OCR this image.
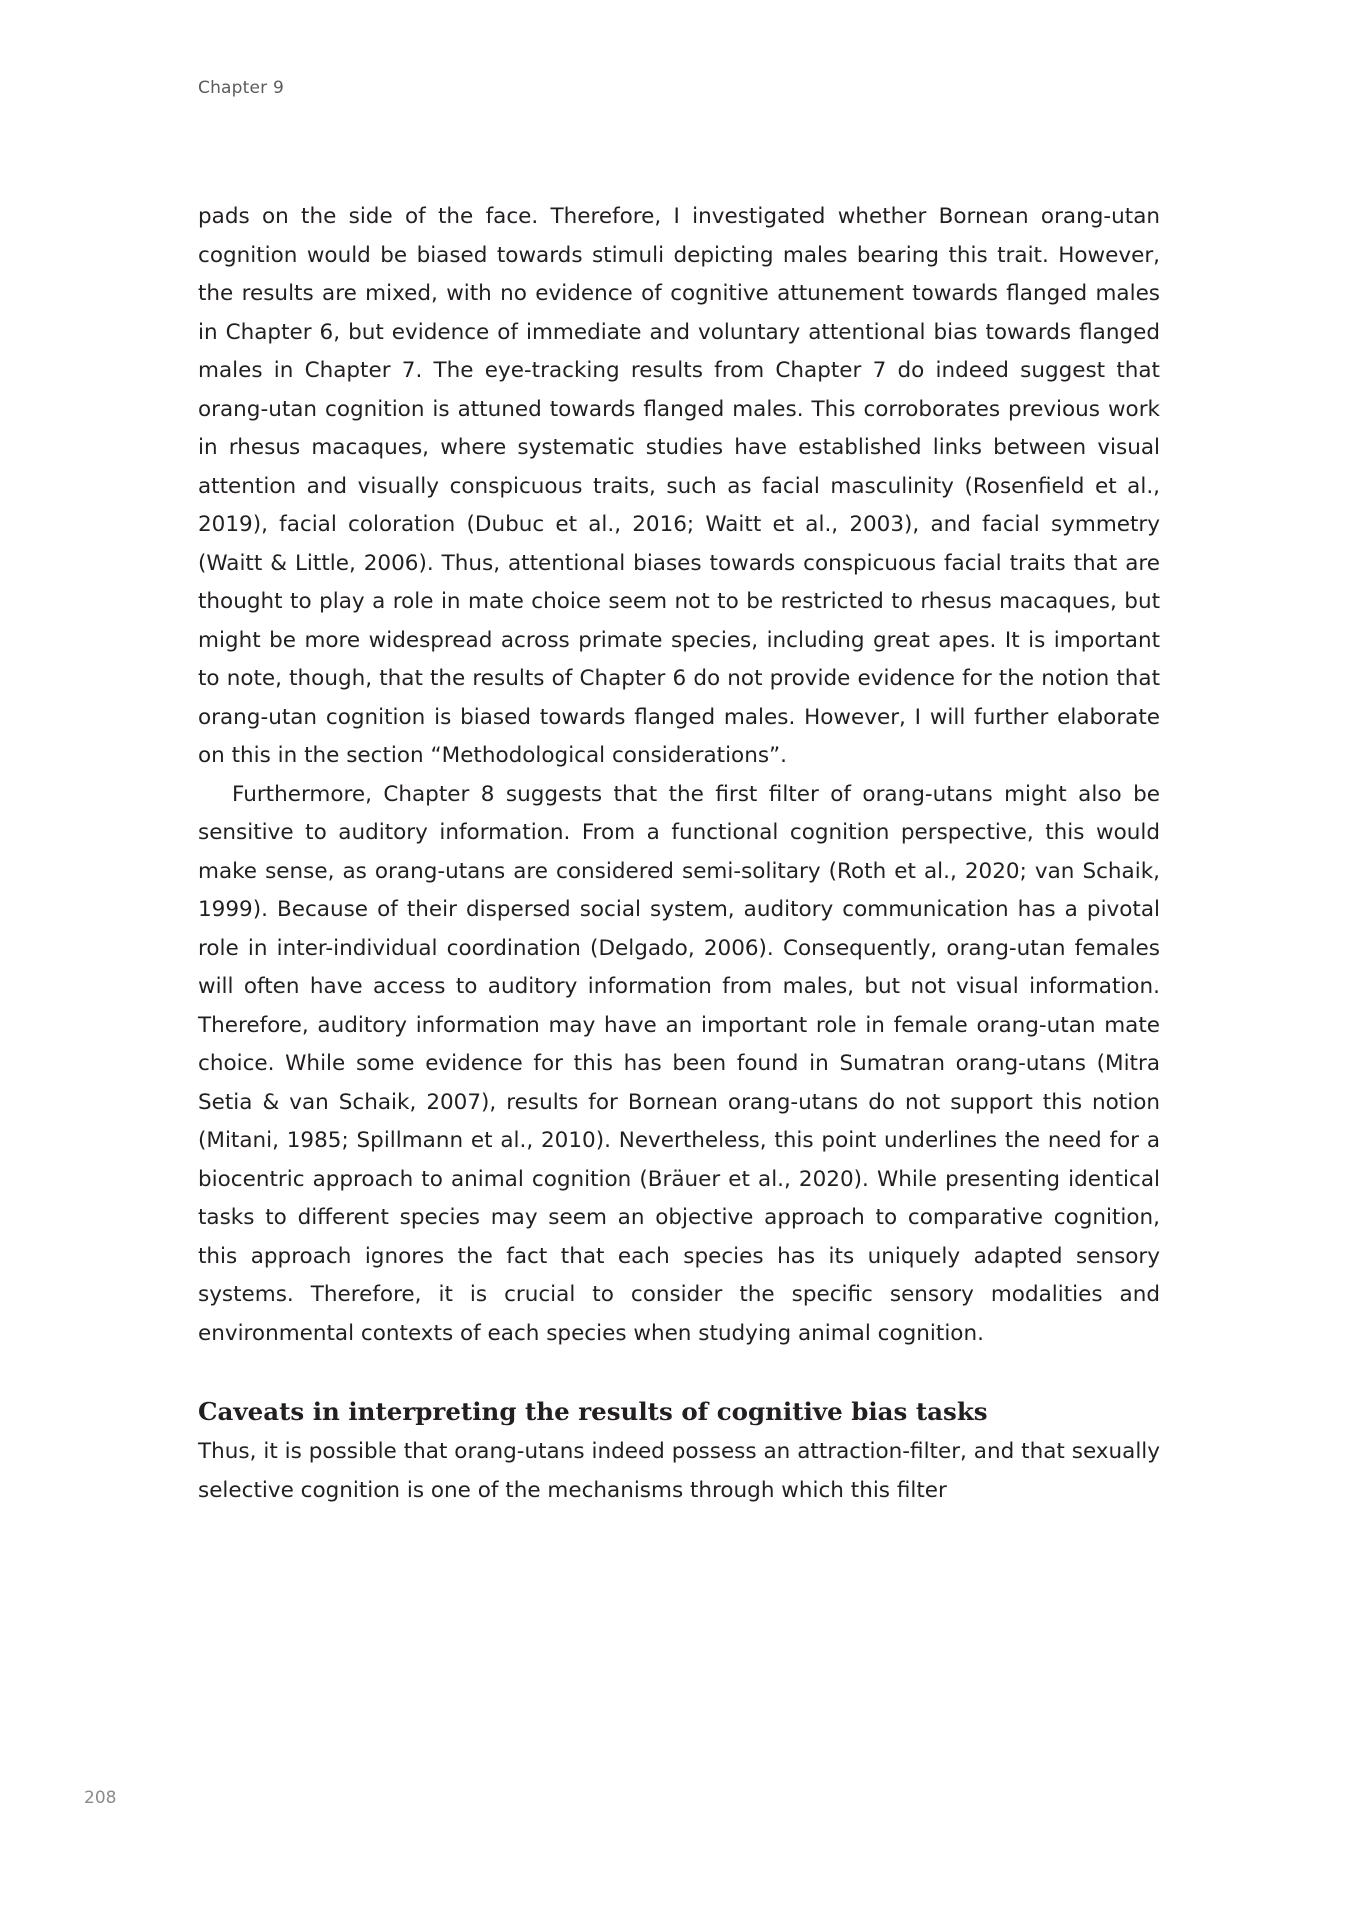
Chapter 9

pads on the side of the face. Therefore, I investigated whether Bornean orang-utan cognition would be biased towards stimuli depicting males bearing this trait. However, the results are mixed, with no evidence of cognitive attunement towards flanged males in Chapter 6, but evidence of immediate and voluntary attentional bias towards flanged males in Chapter 7. The eye-tracking results from Chapter 7 do indeed suggest that orang-utan cognition is attuned towards flanged males. This corroborates previous work in rhesus macaques, where systematic studies have established links between visual attention and visually conspicuous traits, such as facial masculinity (Rosenfield et al., 2019), facial coloration (Dubuc et al., 2016; Waitt et al., 2003), and facial symmetry (Waitt & Little, 2006). Thus, attentional biases towards conspicuous facial traits that are thought to play a role in mate choice seem not to be restricted to rhesus macaques, but might be more widespread across primate species, including great apes. It is important to note, though, that the results of Chapter 6 do not provide evidence for the notion that orang-utan cognition is biased towards flanged males. However, I will further elaborate on this in the section “Methodological considerations”.

Furthermore, Chapter 8 suggests that the first filter of orang-utans might also be sensitive to auditory information. From a functional cognition perspective, this would make sense, as orang-utans are considered semi-solitary (Roth et al., 2020; van Schaik, 1999). Because of their dispersed social system, auditory communication has a pivotal role in inter-individual coordination (Delgado, 2006). Consequently, orang-utan females will often have access to auditory information from males, but not visual information. Therefore, auditory information may have an important role in female orang-utan mate choice. While some evidence for this has been found in Sumatran orang-utans (Mitra Setia & van Schaik, 2007), results for Bornean orang-utans do not support this notion (Mitani, 1985; Spillmann et al., 2010). Nevertheless, this point underlines the need for a biocentric approach to animal cognition (Bräuer et al., 2020). While presenting identical tasks to different species may seem an objective approach to comparative cognition, this approach ignores the fact that each species has its uniquely adapted sensory systems. Therefore, it is crucial to consider the specific sensory modalities and environmental contexts of each species when studying animal cognition.

Caveats in interpreting the results of cognitive bias tasks

Thus, it is possible that orang-utans indeed possess an attraction-filter, and that sexually selective cognition is one of the mechanisms through which this filter

208
